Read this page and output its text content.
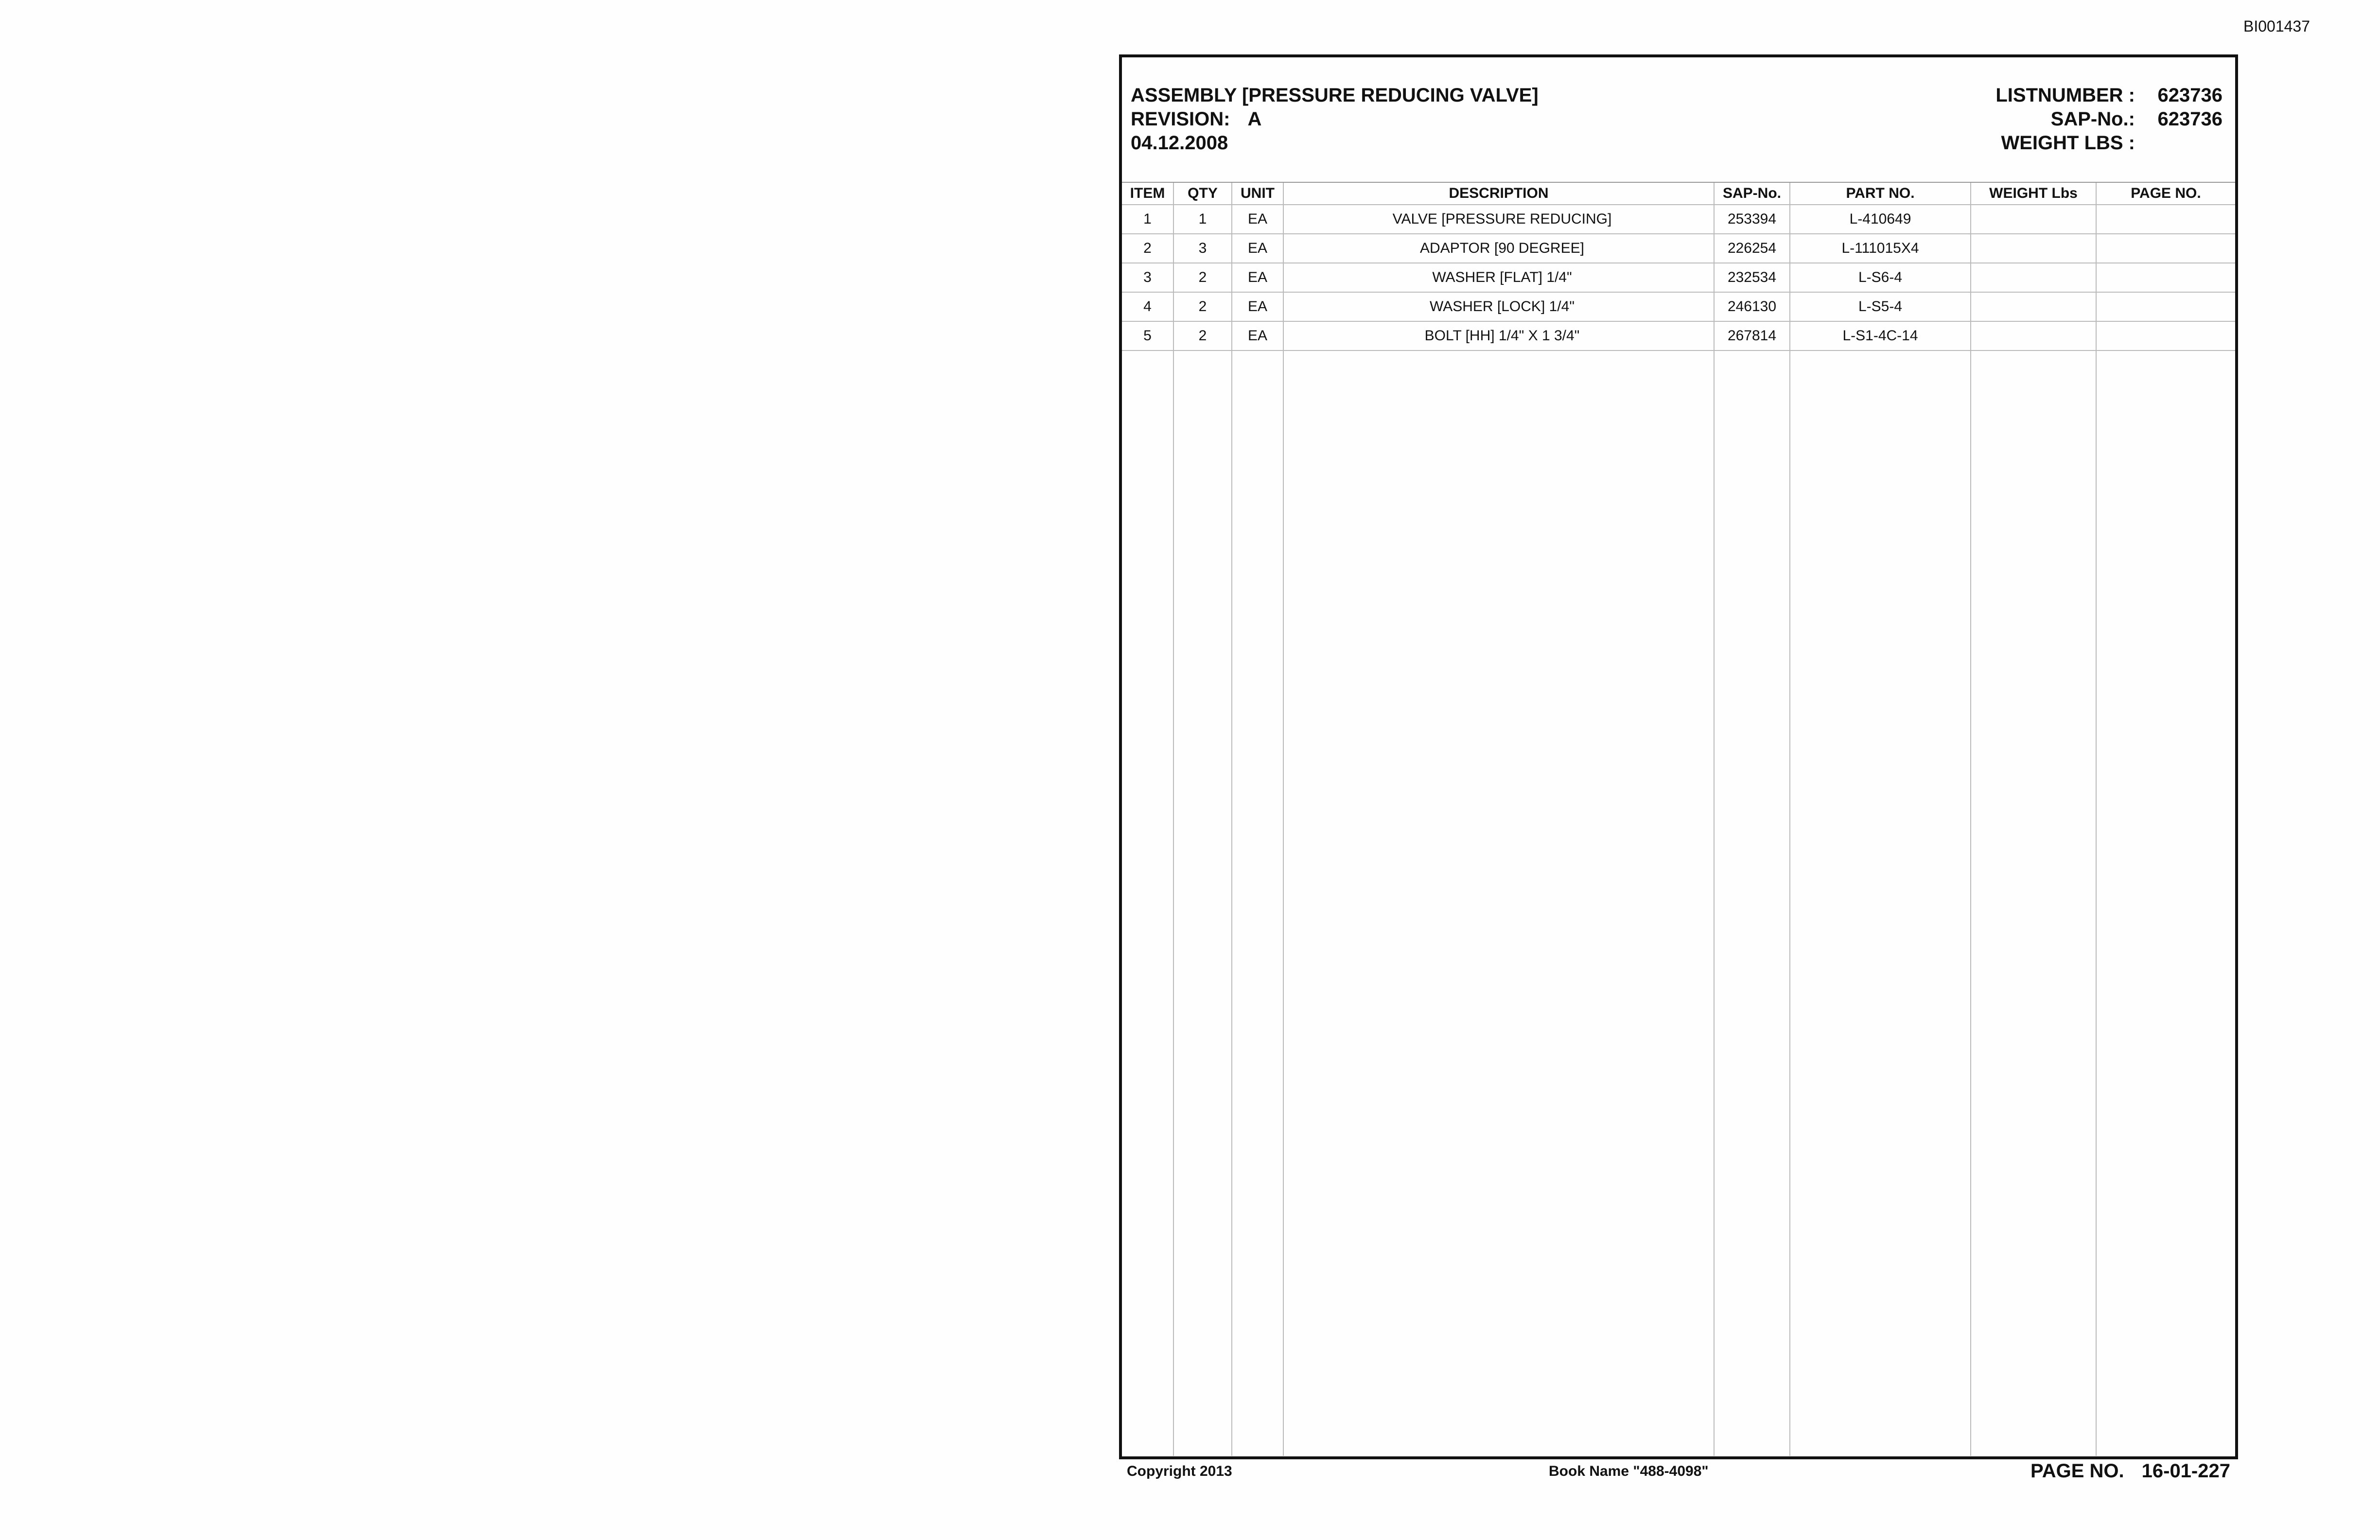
BI001437
ASSEMBLY [PRESSURE REDUCING VALVE]
REVISION: A
04.12.2008
LISTNUMBER :	623736
SAP-No.:	623736
WEIGHT LBS :
ITEM	QTY	UNIT	DESCRIPTION	SAP-No.	PART NO.	WEIGHT Lbs	PAGE NO.
1	1	EA	VALVE [PRESSURE REDUCING]	253394	L-410649		
2	3	EA	ADAPTOR [90 DEGREE]	226254	L-111015X4		
3	2	EA	WASHER [FLAT] 1/4"	232534	L-S6-4		
4	2	EA	WASHER [LOCK] 1/4"	246130	L-S5-4		
5	2	EA	BOLT [HH] 1/4" X 1 3/4"	267814	L-S1-4C-14		

Copyright 2013	Book Name "488-4098"	PAGE NO. 16-01-227
